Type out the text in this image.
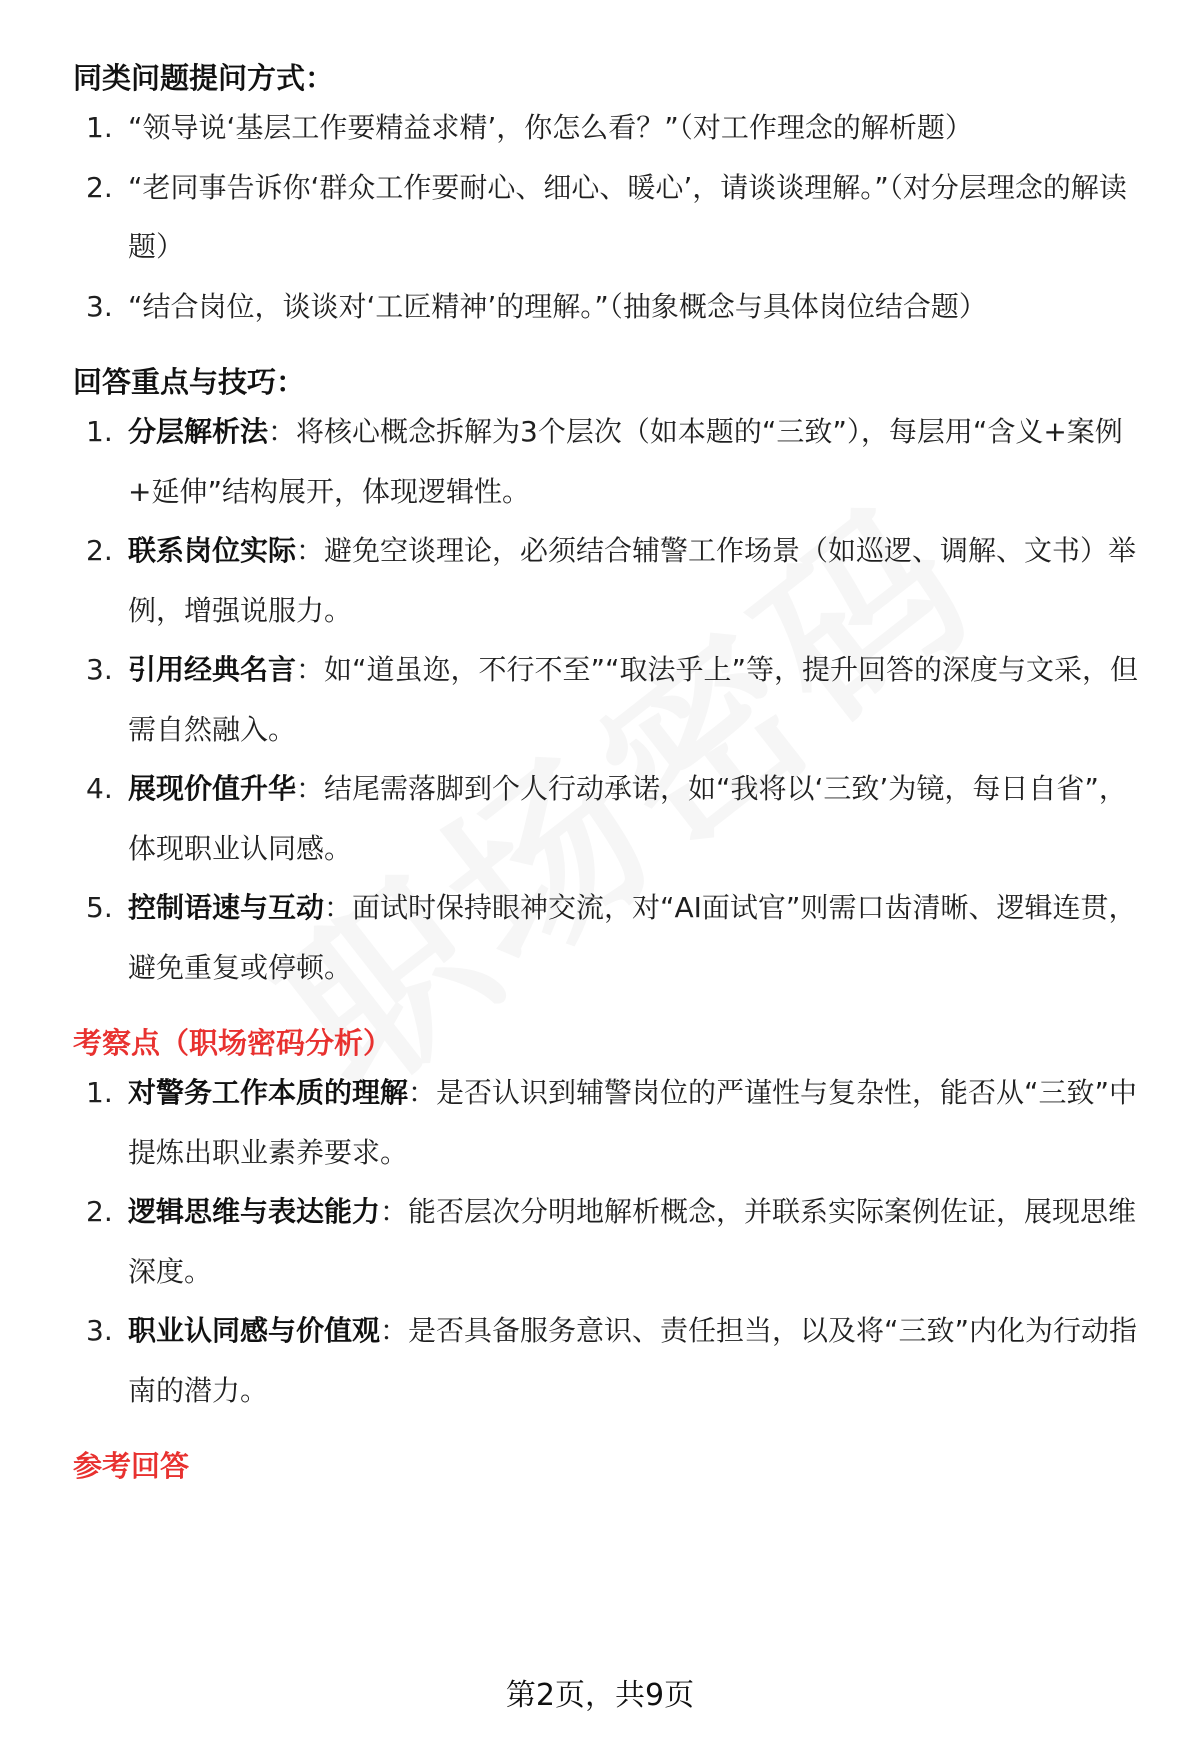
同类问题提问方式：
1. “领导说‘基层工作要精益求精’，你怎么看？”（对工作理念的解析题）
2. “老同事告诉你‘群众工作要耐心、细心、暖心’，请谈谈理解。”（对分层理念的解读题）
3. “结合岗位，谈谈对‘工匠精神’的理解。”（抽象概念与具体岗位结合题）
回答重点与技巧：
1. 分层解析法：将核心概念拆解为3个层次（如本题的“三致”），每层用“含义+案例+延伸”结构展开，体现逻辑性。
2. 联系岗位实际：避免空谈理论，必须结合辅警工作场景（如巡逻、调解、文书）举例，增强说服力。
3. 引用经典名言：如“道虽迩，不行不至”“取法乎上”等，提升回答的深度与文采，但需自然融入。
4. 展现价值升华：结尾需落脚到个人行动承诺，如“我将以‘三致’为镜，每日自省”，体现职业认同感。
5. 控制语速与互动：面试时保持眼神交流，对“AI面试官”则需口齿清晰、逻辑连贯，避免重复或停顿。
考察点（职场密码分析）
1. 对警务工作本质的理解：是否认识到辅警岗位的严谨性与复杂性，能否从“三致”中提炼出职业素养要求。
2. 逻辑思维与表达能力：能否层次分明地解析概念，并联系实际案例佐证，展现思维深度。
3. 职业认同感与价值观：是否具备服务意识、责任担当，以及将“三致”内化为行动指南的潜力。
参考回答
第2页，共9页
